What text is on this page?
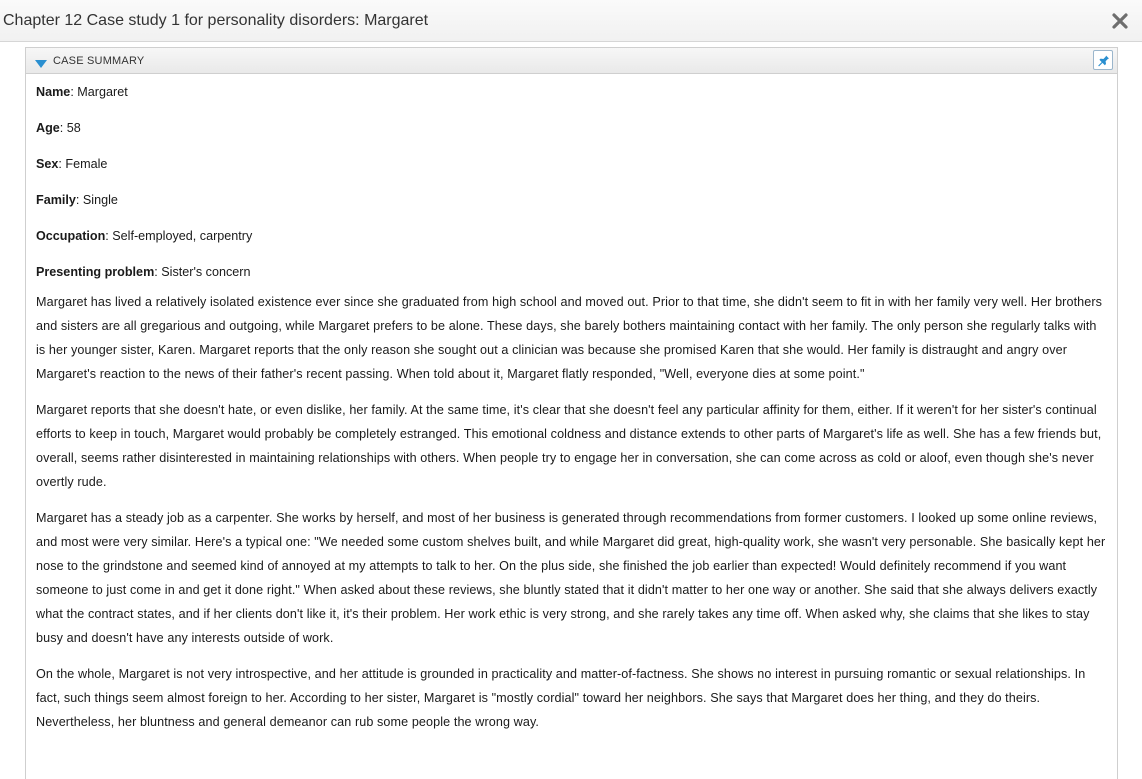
Chapter 12 Case study 1 for personality disorders: Margaret
CASE SUMMARY

Name: Margaret

Age: 58

Sex: Female

Family: Single

Occupation: Self-employed, carpentry

Presenting problem: Sister's concern

Margaret has lived a relatively isolated existence ever since she graduated from high school and moved out. Prior to that time, she didn't seem to fit in with her family very well. Her brothers and sisters are all gregarious and outgoing, while Margaret prefers to be alone. These days, she barely bothers maintaining contact with her family. The only person she regularly talks with is her younger sister, Karen. Margaret reports that the only reason she sought out a clinician was because she promised Karen that she would. Her family is distraught and angry over Margaret's reaction to the news of their father's recent passing. When told about it, Margaret flatly responded, "Well, everyone dies at some point."

Margaret reports that she doesn't hate, or even dislike, her family. At the same time, it's clear that she doesn't feel any particular affinity for them, either. If it weren't for her sister's continual efforts to keep in touch, Margaret would probably be completely estranged. This emotional coldness and distance extends to other parts of Margaret's life as well. She has a few friends but, overall, seems rather disinterested in maintaining relationships with others. When people try to engage her in conversation, she can come across as cold or aloof, even though she's never overtly rude.

Margaret has a steady job as a carpenter. She works by herself, and most of her business is generated through recommendations from former customers. I looked up some online reviews, and most were very similar. Here's a typical one: "We needed some custom shelves built, and while Margaret did great, high-quality work, she wasn't very personable. She basically kept her nose to the grindstone and seemed kind of annoyed at my attempts to talk to her. On the plus side, she finished the job earlier than expected! Would definitely recommend if you want someone to just come in and get it done right." When asked about these reviews, she bluntly stated that it didn't matter to her one way or another. She said that she always delivers exactly what the contract states, and if her clients don't like it, it's their problem. Her work ethic is very strong, and she rarely takes any time off. When asked why, she claims that she likes to stay busy and doesn't have any interests outside of work.

On the whole, Margaret is not very introspective, and her attitude is grounded in practicality and matter-of-factness. She shows no interest in pursuing romantic or sexual relationships. In fact, such things seem almost foreign to her. According to her sister, Margaret is "mostly cordial" toward her neighbors. She says that Margaret does her thing, and they do theirs. Nevertheless, her bluntness and general demeanor can rub some people the wrong way.
